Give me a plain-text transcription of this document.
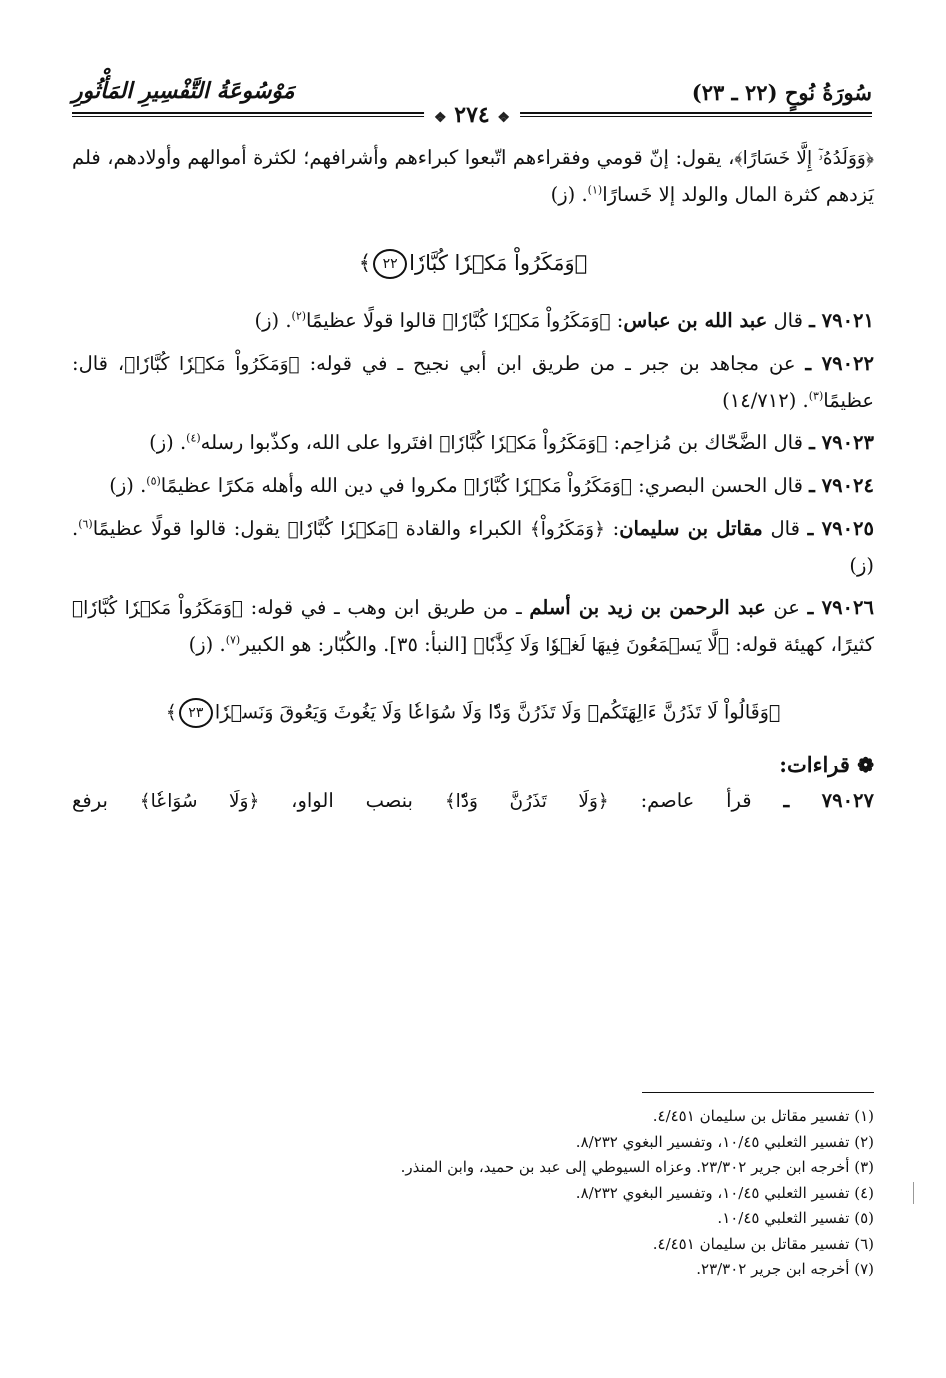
سُورَةُ نُوحٍ (٢٢ ـ ٢٣)
مَوْسُوعَةُ التَّفْسِيرِ المَأْثُورِ
❖ ٢٧٤ ❖

﴿وَوَلَدُهُۥٓ إِلَّا خَسَارًا﴾، يقول: إنّ قومي وفقراءهم اتّبعوا كبراءهم وأشرافهم؛ لكثرة أموالهم وأولادهم، فلم يَزدهم كثرة المال والولد إلا خَسارًا$^{(١)}$. (ز)

﴿وَمَكَرُواْ مَكۡرٗا كُبَّارٗا٢٢﴾

٧٩٠٢١ ـ قال عبد الله بن عباس: ﴿وَمَكَرُواْ مَكۡرٗا كُبَّارٗا﴾ قالوا قولًا عظيمًا$^{(٢)}$. (ز)

٧٩٠٢٢ ـ عن مجاهد بن جبر ـ من طريق ابن أبي نجيح ـ في قوله: ﴿وَمَكَرُواْ مَكۡرٗا كُبَّارٗا﴾، قال: عظيمًا$^{(٣)}$. (١٤/٧١٢)

٧٩٠٢٣ ـ قال الضَّحّاك بن مُزاحِم: ﴿وَمَكَرُواْ مَكۡرٗا كُبَّارٗا﴾ افتَروا على الله، وكذّبوا رسله$^{(٤)}$. (ز)

٧٩٠٢٤ ـ قال الحسن البصري: ﴿وَمَكَرُواْ مَكۡرٗا كُبَّارٗا﴾ مكروا في دين الله وأهله مَكرًا عظيمًا$^{(٥)}$. (ز)

٧٩٠٢٥ ـ قال مقاتل بن سليمان: ﴿وَمَكَرُواْ﴾ الكبراء والقادة ﴿مَكۡرٗا كُبَّارٗا﴾ يقول: قالوا قولًا عظيمًا$^{(٦)}$. (ز)

٧٩٠٢٦ ـ عن عبد الرحمن بن زيد بن أسلم ـ من طريق ابن وهب ـ في قوله: ﴿وَمَكَرُواْ مَكۡرٗا كُبَّارٗا﴾ كثيرًا، كهيئة قوله: ﴿لَّا يَسۡمَعُونَ فِيهَا لَغۡوٗا وَلَا كِذَّٰبٗا﴾ [النبأ: ٣٥]. والكُبّار: هو الكبير$^{(٧)}$. (ز)

﴿وَقَالُواْ لَا تَذَرُنَّ ءَالِهَتَكُمۡ وَلَا تَذَرُنَّ وَدّٗا وَلَا سُوَاعٗا وَلَا يَغُوثَ وَيَعُوقَ وَنَسۡرٗا٢٣﴾

❁ قراءات:

٧٩٠٢٧ ـ قرأ عاصم: ﴿وَلَا تَذَرُنَّ وَدّٗا﴾ بنصب الواو، ﴿وَلَا سُوَاعٗا﴾ برفع

(١) تفسير مقاتل بن سليمان ٤/٤٥١.

(٢) تفسير الثعلبي ١٠/٤٥، وتفسير البغوي ٨/٢٣٢.

(٣) أخرجه ابن جرير ٢٣/٣٠٢. وعزاه السيوطي إلى عبد بن حميد، وابن المنذر.

(٤) تفسير الثعلبي ١٠/٤٥، وتفسير البغوي ٨/٢٣٢.

(٥) تفسير الثعلبي ١٠/٤٥.

(٦) تفسير مقاتل بن سليمان ٤/٤٥١.

(٧) أخرجه ابن جرير ٢٣/٣٠٢.
